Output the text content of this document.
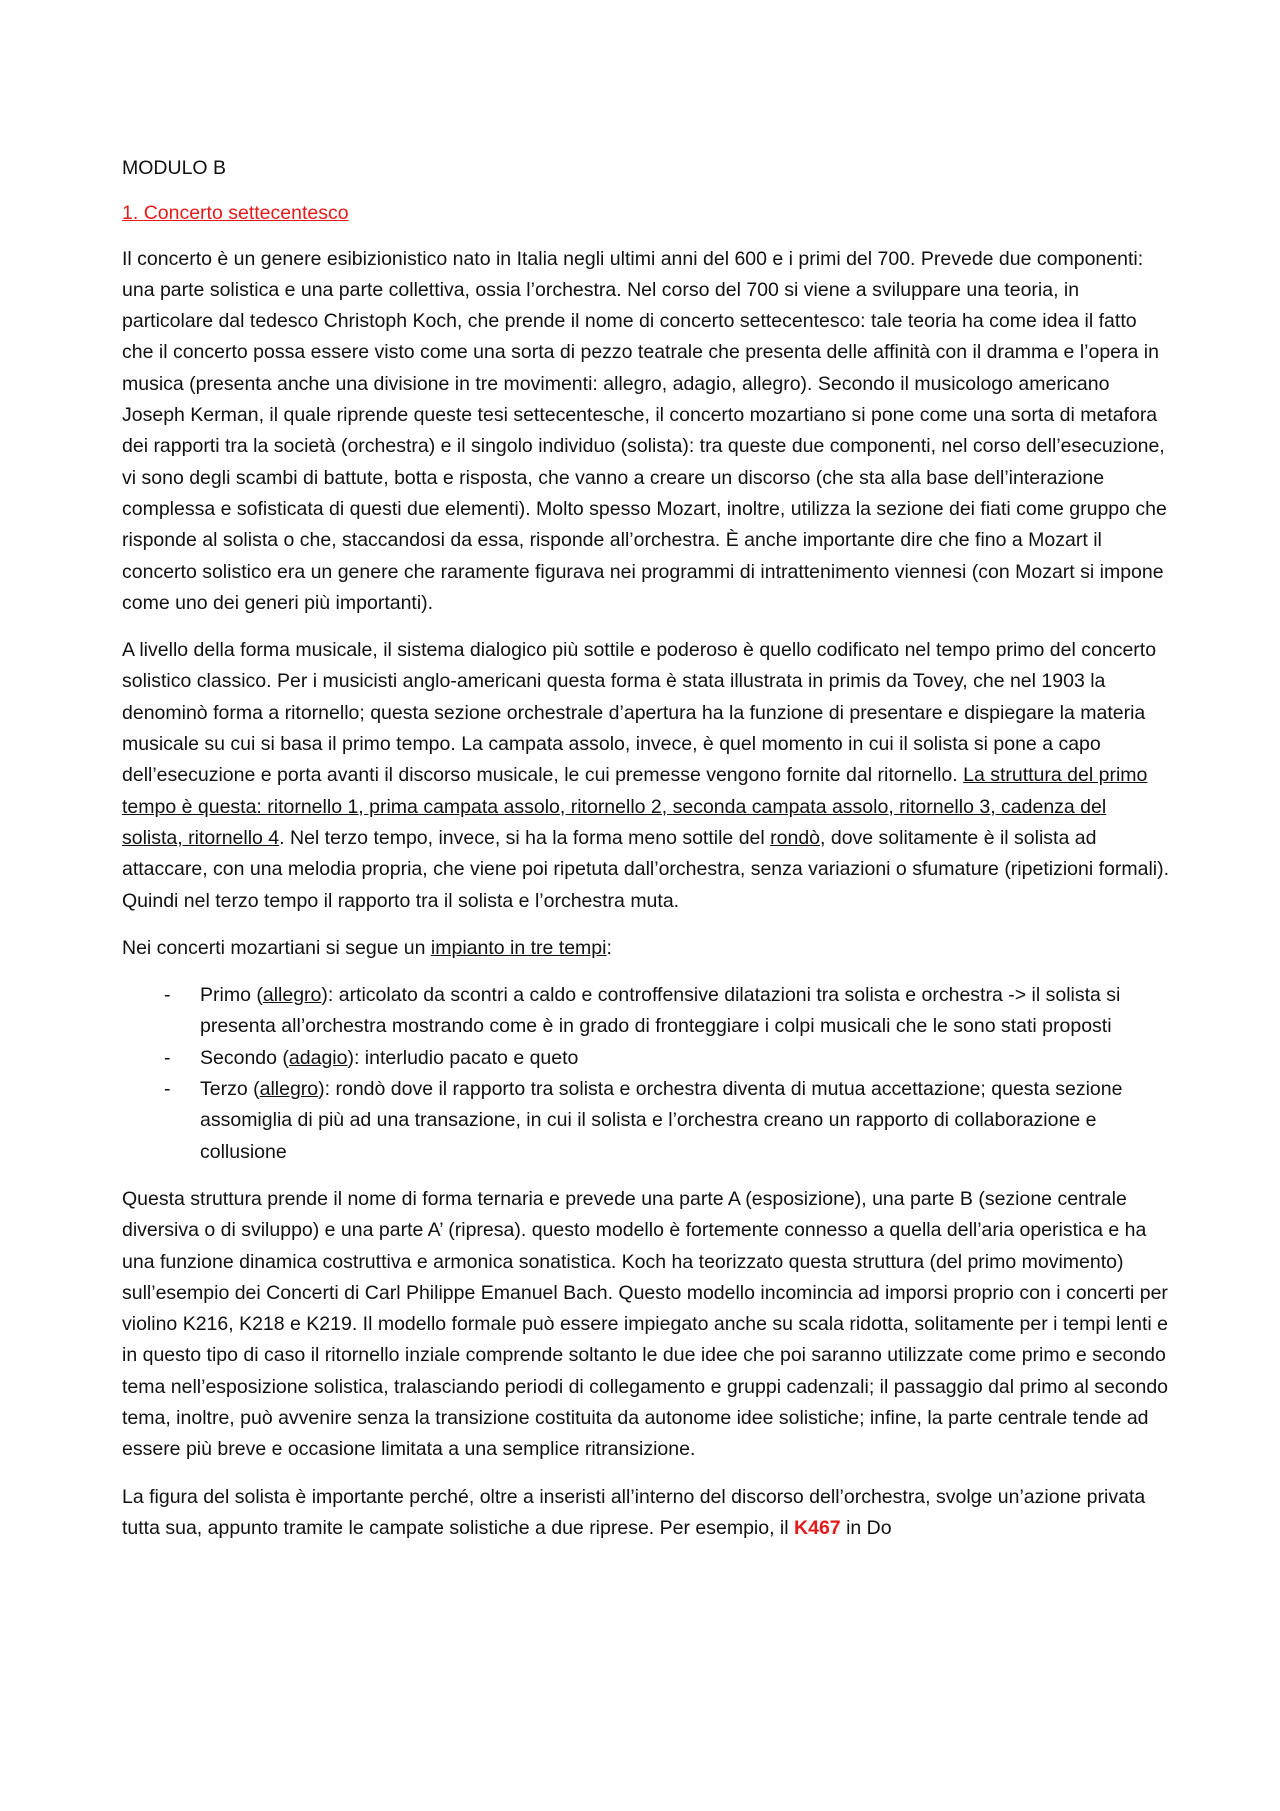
MODULO B

1. Concerto settecentesco

Il concerto è un genere esibizionistico nato in Italia negli ultimi anni del 600 e i primi del 700. Prevede due componenti: una parte solistica e una parte collettiva, ossia l’orchestra. Nel corso del 700 si viene a sviluppare una teoria, in particolare dal tedesco Christoph Koch, che prende il nome di concerto settecentesco: tale teoria ha come idea il fatto che il concerto possa essere visto come una sorta di pezzo teatrale che presenta delle affinità con il dramma e l’opera in musica (presenta anche una divisione in tre movimenti: allegro, adagio, allegro). Secondo il musicologo americano Joseph Kerman, il quale riprende queste tesi settecentesche, il concerto mozartiano si pone come una sorta di metafora dei rapporti tra la società (orchestra) e il singolo individuo (solista): tra queste due componenti, nel corso dell’esecuzione, vi sono degli scambi di battute, botta e risposta, che vanno a creare un discorso (che sta alla base dell’interazione complessa e sofisticata di questi due elementi). Molto spesso Mozart, inoltre, utilizza la sezione dei fiati come gruppo che risponde al solista o che, staccandosi da essa, risponde all’orchestra. È anche importante dire che fino a Mozart il concerto solistico era un genere che raramente figurava nei programmi di intrattenimento viennesi (con Mozart si impone come uno dei generi più importanti).

A livello della forma musicale, il sistema dialogico più sottile e poderoso è quello codificato nel tempo primo del concerto solistico classico. Per i musicisti anglo-americani questa forma è stata illustrata in primis da Tovey, che nel 1903 la denominò forma a ritornello; questa sezione orchestrale d’apertura ha la funzione di presentare e dispiegare la materia musicale su cui si basa il primo tempo. La campata assolo, invece, è quel momento in cui il solista si pone a capo dell’esecuzione e porta avanti il discorso musicale, le cui premesse vengono fornite dal ritornello. La struttura del primo tempo è questa: ritornello 1, prima campata assolo, ritornello 2, seconda campata assolo, ritornello 3, cadenza del solista, ritornello 4. Nel terzo tempo, invece, si ha la forma meno sottile del rondò, dove solitamente è il solista ad attaccare, con una melodia propria, che viene poi ripetuta dall’orchestra, senza variazioni o sfumature (ripetizioni formali). Quindi nel terzo tempo il rapporto tra il solista e l’orchestra muta.

Nei concerti mozartiani si segue un impianto in tre tempi:

- Primo (allegro): articolato da scontri a caldo e controffensive dilatazioni tra solista e orchestra -> il solista si presenta all’orchestra mostrando come è in grado di fronteggiare i colpi musicali che le sono stati proposti
- Secondo (adagio): interludio pacato e queto
- Terzo (allegro): rondò dove il rapporto tra solista e orchestra diventa di mutua accettazione; questa sezione assomiglia di più ad una transazione, in cui il solista e l’orchestra creano un rapporto di collaborazione e collusione

Questa struttura prende il nome di forma ternaria e prevede una parte A (esposizione), una parte B (sezione centrale diversiva o di sviluppo) e una parte A’ (ripresa). questo modello è fortemente connesso a quella dell’aria operistica e ha una funzione dinamica costruttiva e armonica sonatistica. Koch ha teorizzato questa struttura (del primo movimento) sull’esempio dei Concerti di Carl Philippe Emanuel Bach. Questo modello incomincia ad imporsi proprio con i concerti per violino K216, K218 e K219. Il modello formale può essere impiegato anche su scala ridotta, solitamente per i tempi lenti e in questo tipo di caso il ritornello inziale comprende soltanto le due idee che poi saranno utilizzate come primo e secondo tema nell’esposizione solistica, tralasciando periodi di collegamento e gruppi cadenzali; il passaggio dal primo al secondo tema, inoltre, può avvenire senza la transizione costituita da autonome idee solistiche; infine, la parte centrale tende ad essere più breve e occasione limitata a una semplice ritransizione.

La figura del solista è importante perché, oltre a inseristi all’interno del discorso dell’orchestra, svolge un’azione privata tutta sua, appunto tramite le campate solistiche a due riprese. Per esempio, il K467 in Do
